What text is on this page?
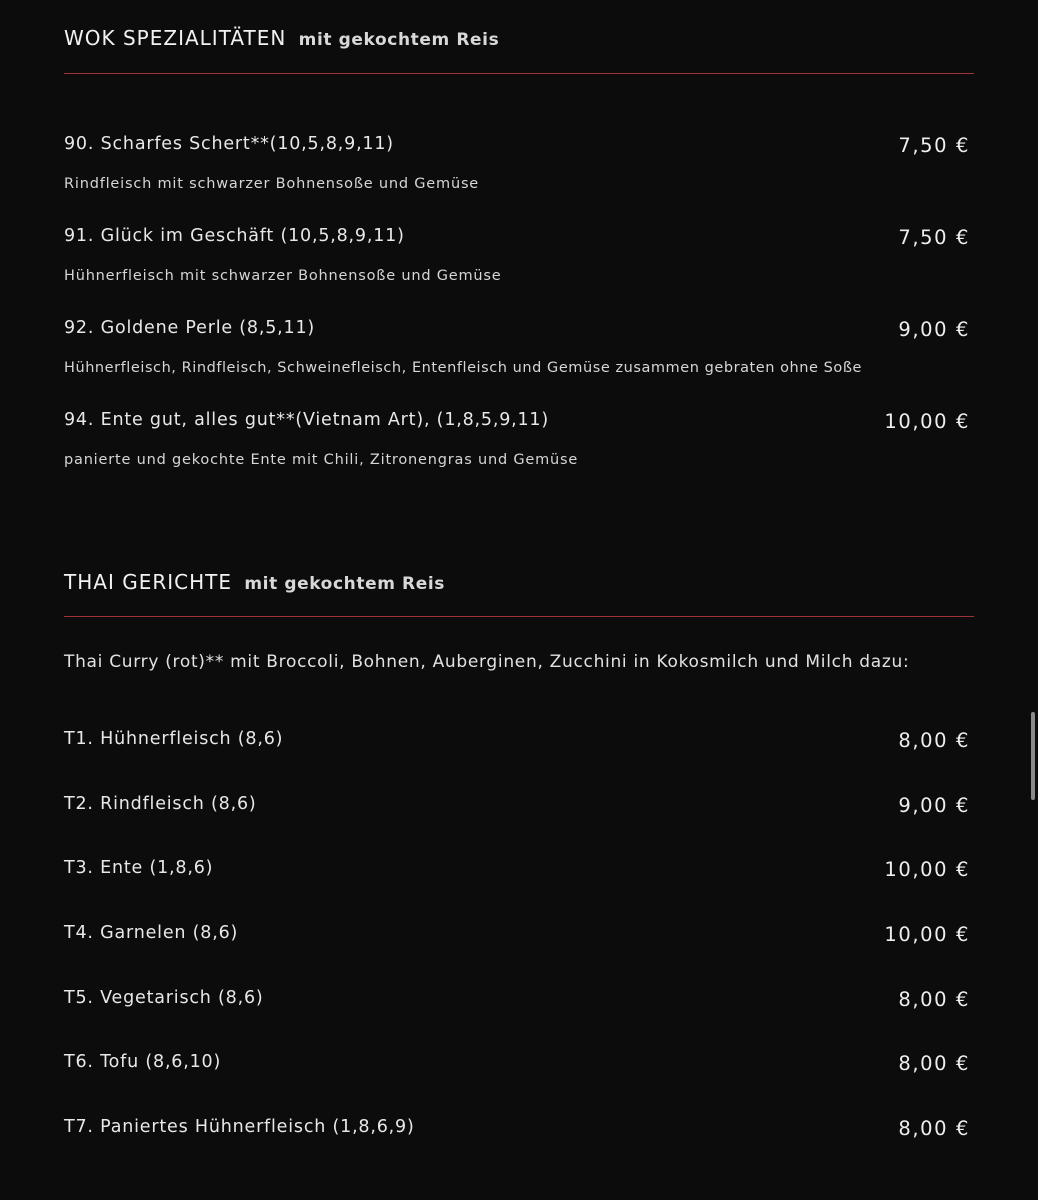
WOK SPEZIALITÄTEN mit gekochtem Reis
90. Scharfes Schert**(10,5,8,9,11)	7,50 €
Rindfleisch mit schwarzer Bohnensoße und Gemüse
91. Glück im Geschäft (10,5,8,9,11)	7,50 €
Hühnerfleisch mit schwarzer Bohnensoße und Gemüse
92. Goldene Perle (8,5,11)	9,00 €
Hühnerfleisch, Rindfleisch, Schweinefleisch, Entenfleisch und Gemüse zusammen gebraten ohne Soße
94. Ente gut, alles gut**(Vietnam Art), (1,8,5,9,11)	10,00 €
panierte und gekochte Ente mit Chili, Zitronengras und Gemüse
THAI GERICHTE mit gekochtem Reis
Thai Curry (rot)** mit Broccoli, Bohnen, Auberginen, Zucchini in Kokosmilch und Milch dazu:
T1. Hühnerfleisch (8,6)	8,00 €
T2. Rindfleisch (8,6)	9,00 €
T3. Ente (1,8,6)	10,00 €
T4. Garnelen (8,6)	10,00 €
T5. Vegetarisch (8,6)	8,00 €
T6. Tofu (8,6,10)	8,00 €
T7. Paniertes Hühnerfleisch (1,8,6,9)	8,00 €
